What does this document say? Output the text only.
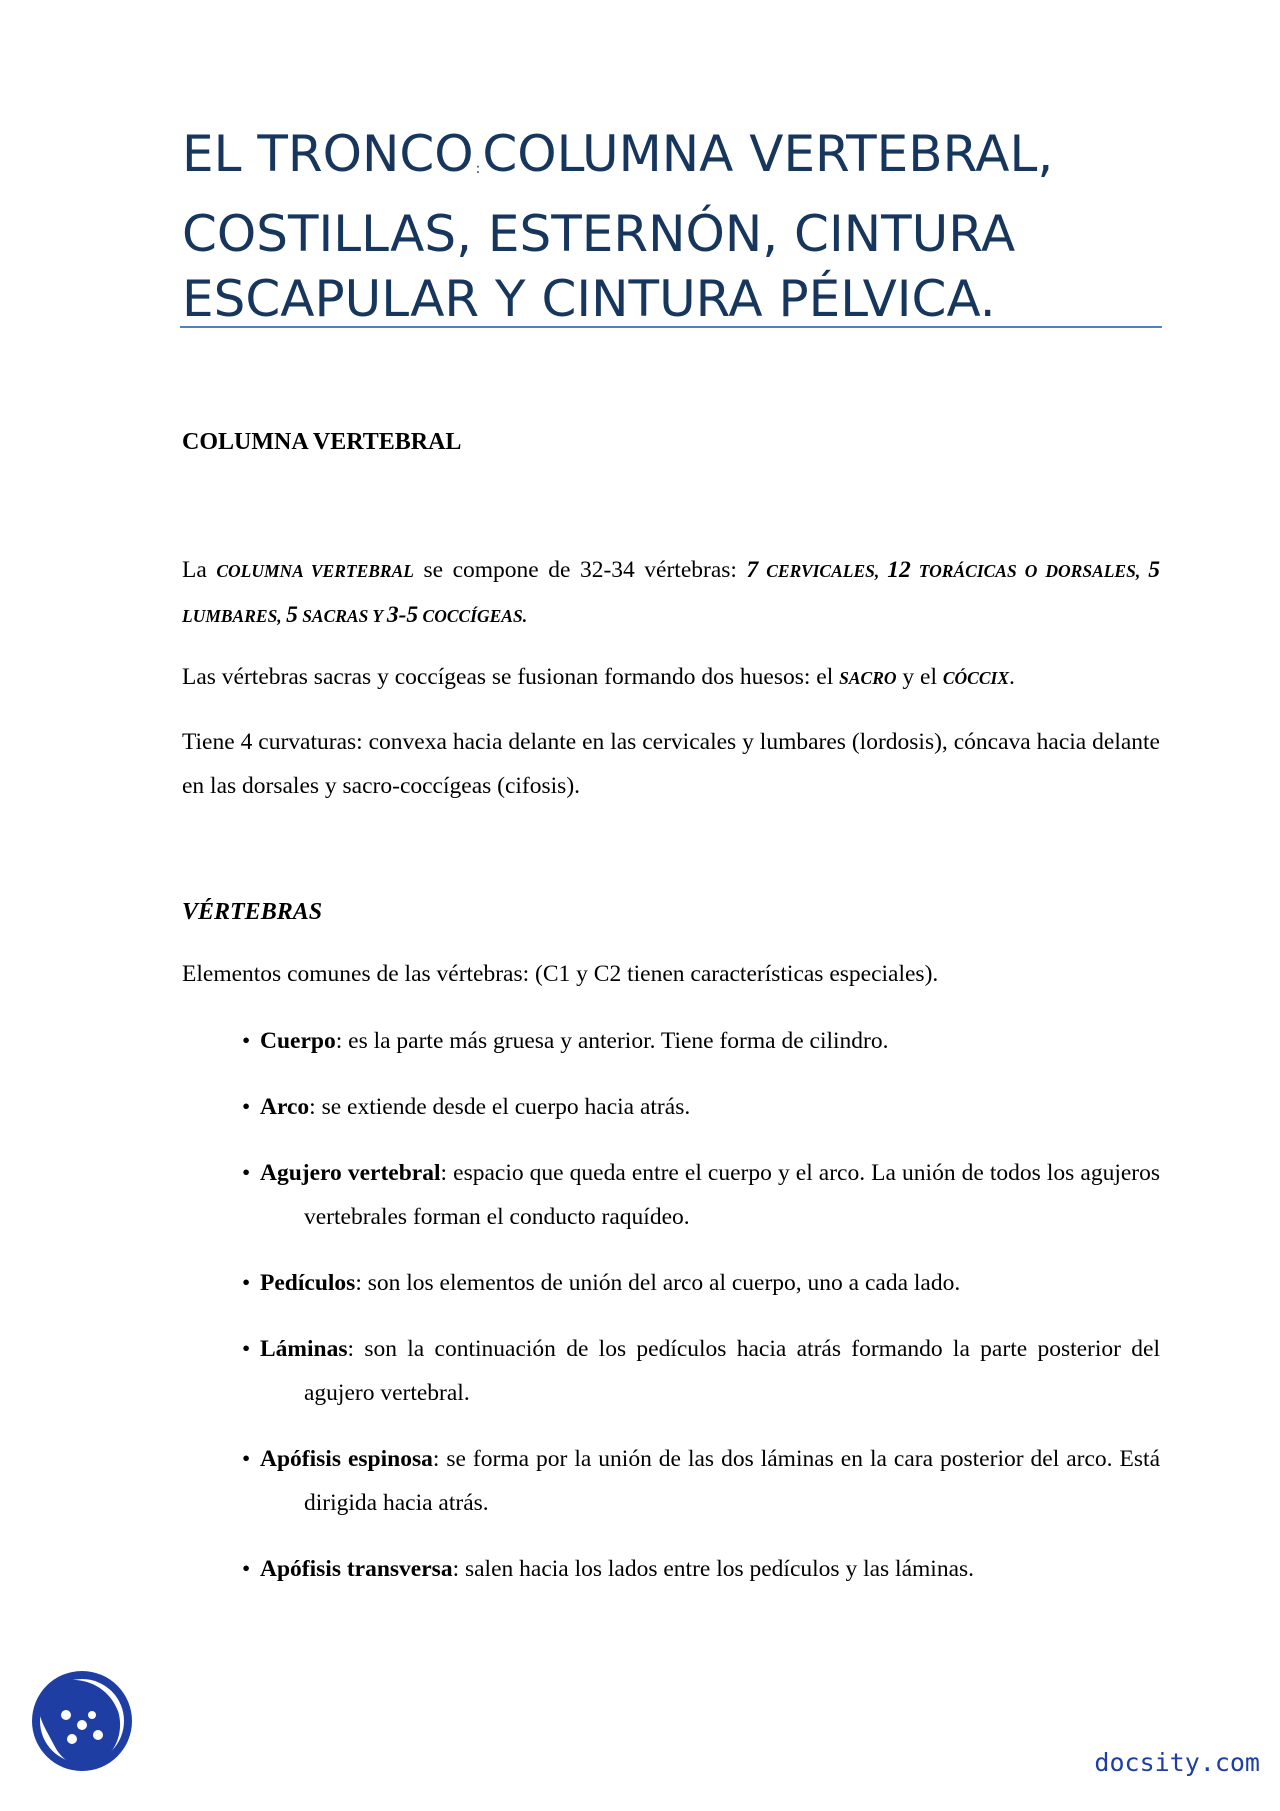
EL TRONCO :COLUMNA VERTEBRAL, COSTILLAS, ESTERNÓN, CINTURA ESCAPULAR Y CINTURA PÉLVICA.
COLUMNA VERTEBRAL

La COLUMNA VERTEBRAL se compone de 32-34 vértebras: 7 CERVICALES, 12 TORÁCICAS O DORSALES, 5 LUMBARES, 5 SACRAS Y 3-5 COCCÍGEAS.

Las vértebras sacras y coccígeas se fusionan formando dos huesos: el SACRO y el CÓCCIX.

Tiene 4 curvaturas: convexa hacia delante en las cervicales y lumbares (lordosis), cóncava hacia delante en las dorsales y sacro-coccígeas (cifosis).

VÉRTEBRAS

Elementos comunes de las vértebras: (C1 y C2 tienen características especiales).

• Cuerpo: es la parte más gruesa y anterior. Tiene forma de cilindro.
• Arco: se extiende desde el cuerpo hacia atrás.
• Agujero vertebral: espacio que queda entre el cuerpo y el arco. La unión de todos los agujeros vertebrales forman el conducto raquídeo.
• Pedículos: son los elementos de unión del arco al cuerpo, uno a cada lado.
• Láminas: son la continuación de los pedículos hacia atrás formando la parte posterior del agujero vertebral.
• Apófisis espinosa: se forma por la unión de las dos láminas en la cara posterior del arco. Está dirigida hacia atrás.
• Apófisis transversa: salen hacia los lados entre los pedículos y las láminas.

docsity.com
